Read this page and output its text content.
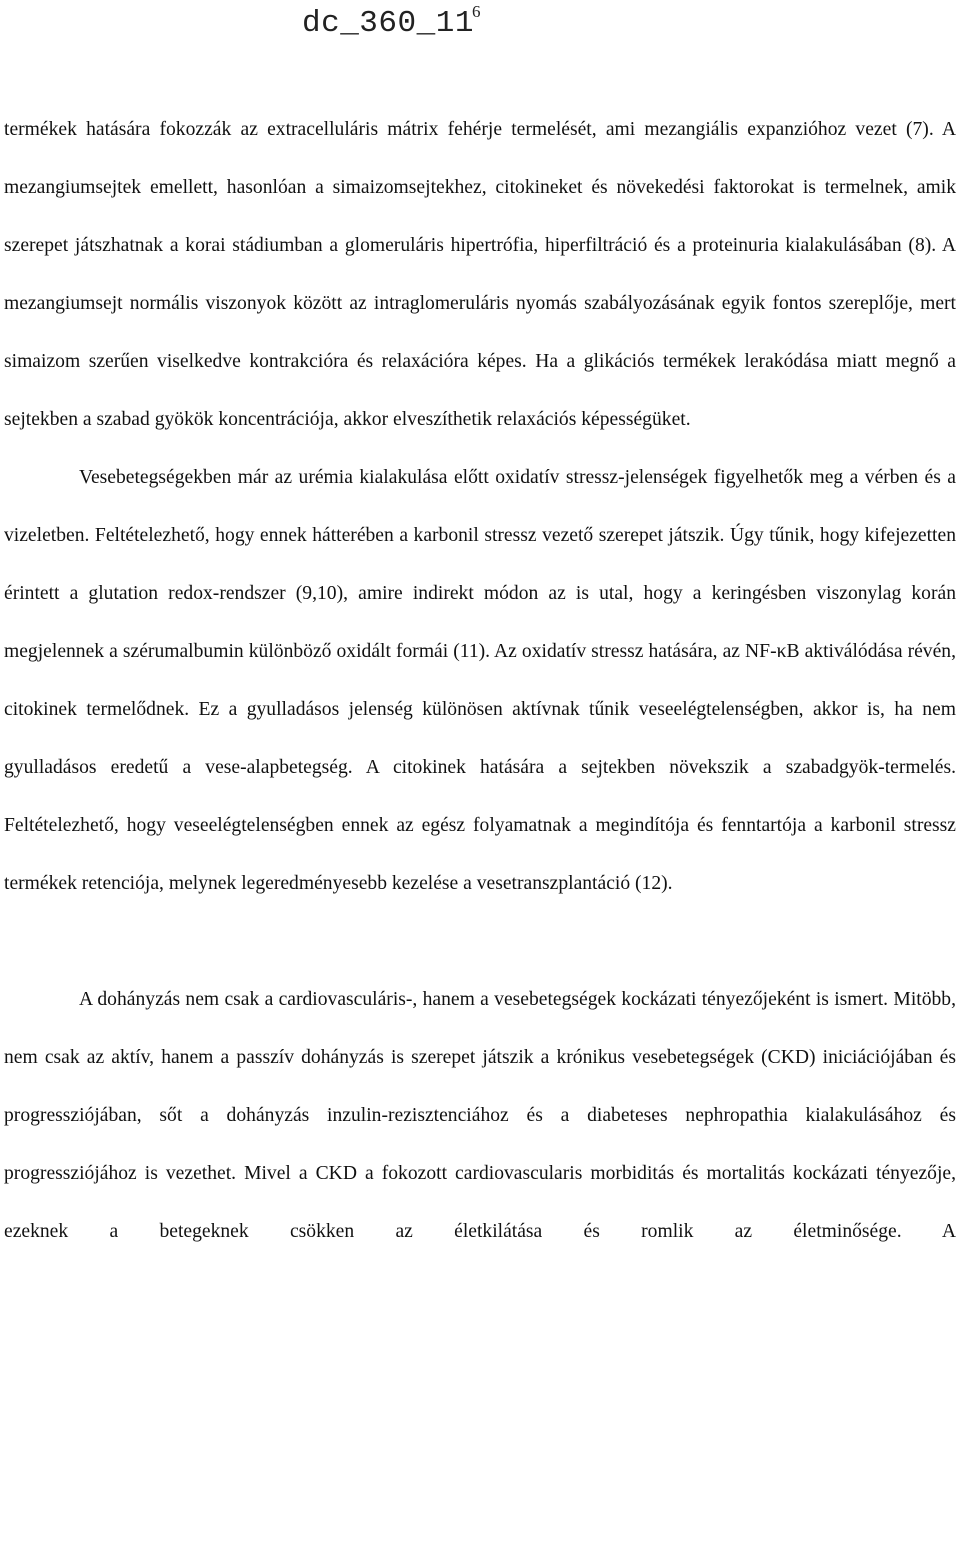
dc_360_11
6

termékek hatására fokozzák az extracelluláris mátrix fehérje termelését, ami mezangiális expanzióhoz vezet (7). A mezangiumsejtek emellett, hasonlóan a simaizomsejtekhez, citokineket és növekedési faktorokat is termelnek, amik szerepet játszhatnak a korai stádiumban a glomeruláris hipertrófia, hiperfiltráció és a proteinuria kialakulásában (8). A mezangiumsejt normális viszonyok között az intraglomeruláris nyomás szabályozásának egyik fontos szereplője, mert simaizom szerűen viselkedve kontrakcióra és relaxációra képes. Ha a glikációs termékek lerakódása miatt megnő a sejtekben a szabad gyökök koncentrációja, akkor elveszíthetik relaxációs képességüket.

Vesebetegségekben már az urémia kialakulása előtt oxidatív stressz-jelenségek figyelhetők meg a vérben és a vizeletben. Feltételezhető, hogy ennek hátterében a karbonil stressz vezető szerepet játszik. Úgy tűnik, hogy kifejezetten érintett a glutation redox-rendszer (9,10), amire indirekt módon az is utal, hogy a keringésben viszonylag korán megjelennek a szérumalbumin különböző oxidált formái (11). Az oxidatív stressz hatására, az NF-κB aktiválódása révén, citokinek termelődnek. Ez a gyulladásos jelenség különösen aktívnak tűnik veseelégtelenségben, akkor is, ha nem gyulladásos eredetű a vese-alapbetegség. A citokinek hatására a sejtekben növekszik a szabadgyök-termelés. Feltételezhető, hogy veseelégtelenségben ennek az egész folyamatnak a megindítója és fenntartója a karbonil stressz termékek retenciója, melynek legeredményesebb kezelése a vesetranszplantáció (12).

A dohányzás nem csak a cardiovasculáris-, hanem a vesebetegségek kockázati tényezőjeként is ismert. Mitöbb, nem csak az aktív, hanem a passzív dohányzás is szerepet játszik a krónikus vesebetegségek (CKD) iniciációjában és progressziójában, sőt a dohányzás inzulin-rezisztenciához és a diabeteses nephropathia kialakulásához és progressziójához is vezethet. Mivel a CKD a fokozott cardiovascularis morbiditás és mortalitás kockázati tényezője, ezeknek a betegeknek csökken az életkilátása és romlik az életminősége. A
